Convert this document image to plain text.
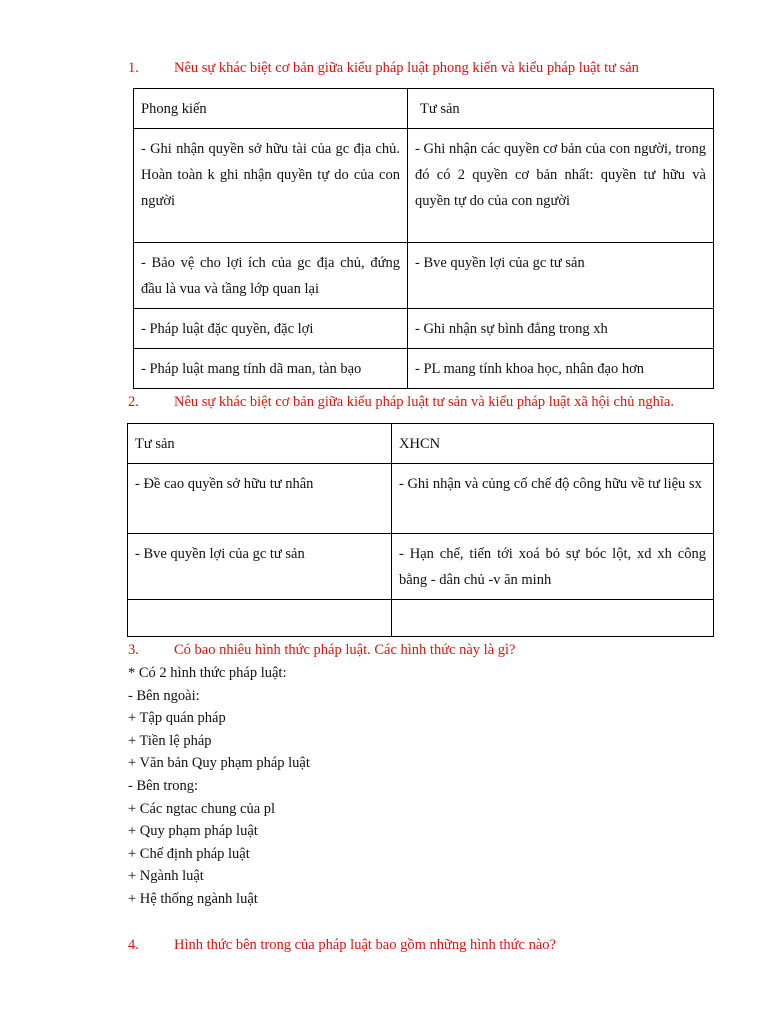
1. Nêu sự khác biệt cơ bản giữa kiểu pháp luật phong kiến và kiểu pháp luật tư sản
Phong kiến	Tư sản
- Ghi nhận quyền sở hữu tài của gc địa chủ. Hoàn toàn k ghi nhận quyền tự do của con người	- Ghi nhận các quyền cơ bản của con người, trong đó có 2 quyền cơ bản nhất: quyền tư hữu và quyền tự do của con người
- Bảo vệ cho lợi ích của gc địa chủ, đứng đầu là vua và tầng lớp quan lại	- Bve quyền lợi của gc tư sản
- Pháp luật đặc quyền, đặc lợi	- Ghi nhận sự bình đẳng trong xh
- Pháp luật mang tính dã man, tàn bạo	- PL mang tính khoa học, nhân đạo hơn
2. Nêu sự khác biệt cơ bản giữa kiểu pháp luật tư sản và kiểu pháp luật xã hội chủ nghĩa.
Tư sản	XHCN
- Đề cao quyền sở hữu tư nhân	- Ghi nhận và củng cố chế độ công hữu về tư liệu sx
- Bve quyền lợi của gc tư sản	- Hạn chế, tiến tới xoá bỏ sự bóc lột, xd xh công bằng - dân chủ -v ăn minh

3. Có bao nhiêu hình thức pháp luật. Các hình thức này là gì?
* Có 2 hình thức pháp luật:
- Bên ngoài:
+ Tập quán pháp
+ Tiền lệ pháp
+ Văn bản Quy phạm pháp luật
- Bên trong:
+ Các ngtac chung của pl
+ Quy phạm pháp luật
+ Chế định pháp luật
+ Ngành luật
+ Hệ thống ngành luật
4. Hình thức bên trong của pháp luật bao gồm những hình thức nào?
